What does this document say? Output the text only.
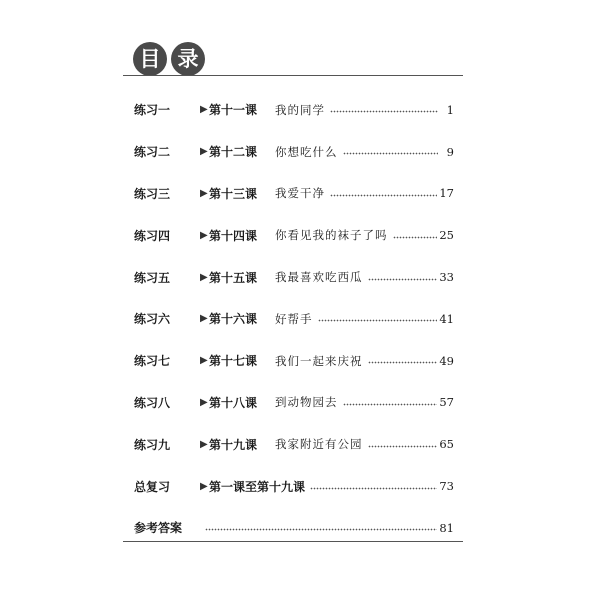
目 录
练习一	▶ 第十一课	我的同学	1
练习二	▶ 第十二课	你想吃什么	9
练习三	▶ 第十三课	我爱干净	17
练习四	▶ 第十四课	你看见我的袜子了吗	25
练习五	▶ 第十五课	我最喜欢吃西瓜	33
练习六	▶ 第十六课	好帮手	41
练习七	▶ 第十七课	我们一起来庆祝	49
练习八	▶ 第十八课	到动物园去	57
练习九	▶ 第十九课	我家附近有公园	65
总复习	▶ 第一课至第十九课	73
参考答案	81
